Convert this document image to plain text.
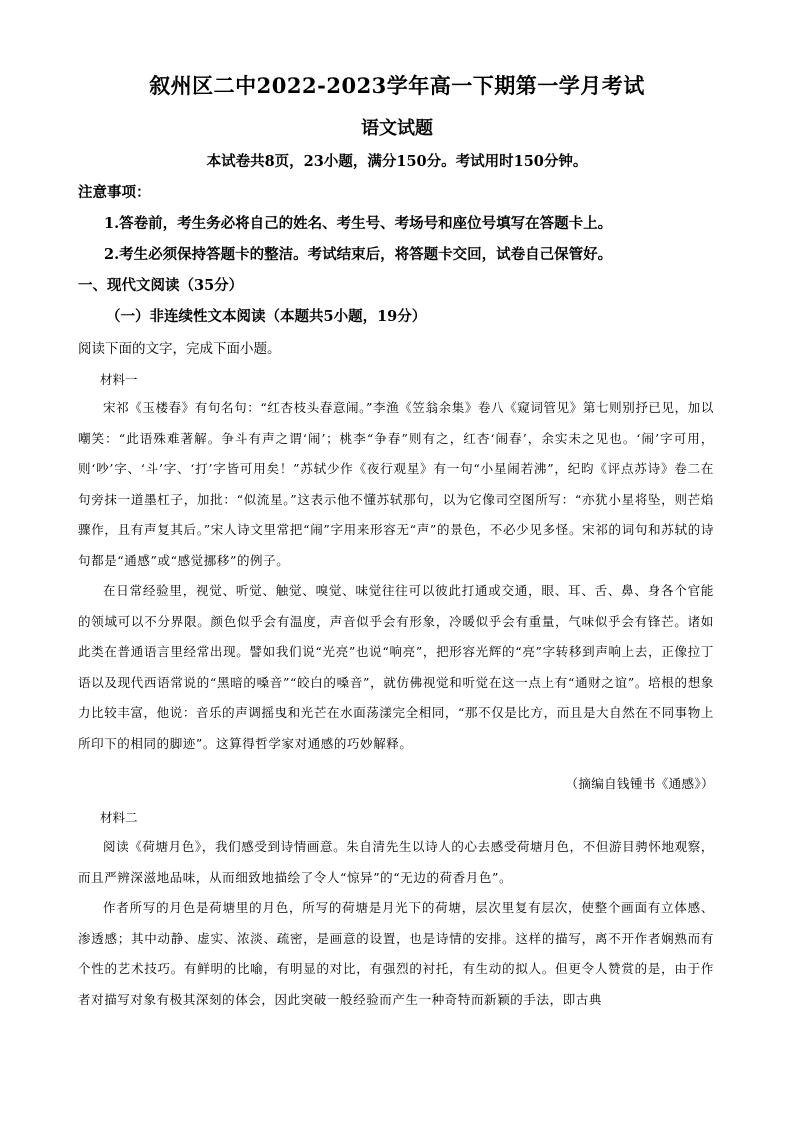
叙州区二中2022-2023学年高一下期第一学月考试
语文试题
本试卷共8页，23小题，满分150分。考试用时150分钟。
注意事项：
1.答卷前，考生务必将自己的姓名、考生号、考场号和座位号填写在答题卡上。
2.考生必须保持答题卡的整洁。考试结束后，将答题卡交回，试卷自己保管好。
一、现代文阅读（35分）
（一）非连续性文本阅读（本题共5小题，19分）
阅读下面的文字，完成下面小题。
材料一

宋祁《玉楼春》有句名句：“红杏枝头春意闹。”李渔《笠翁余集》卷八《窥词管见》第七则别抒已见，加以嘲笑：“此语殊难著解。争斗有声之谓‘闹’；桃李“争春”则有之，红杏‘闹春’，余实未之见也。‘闹’字可用，则‘吵’字、‘斗’字、‘打’字皆可用矣！”苏轼少作《夜行观星》有一句“小星闹若沸”，纪昀《评点苏诗》卷二在句旁抹一道墨杠子，加批：“似流星。”这表示他不懂苏轼那句，以为它像司空图所写：“亦犹小星将坠，则芒焰骤作，且有声复其后。”宋人诗文里常把“闹”字用来形容无“声”的景色，不必少见多怪。宋祁的词句和苏轼的诗句都是“通感”或“感觉挪移”的例子。

在日常经验里，视觉、听觉、触觉、嗅觉、味觉往往可以彼此打通或交通，眼、耳、舌、鼻、身各个官能的领域可以不分界限。颜色似乎会有温度，声音似乎会有形象，冷暖似乎会有重量，气味似乎会有锋芒。诸如此类在普通语言里经常出现。譬如我们说“光亮”也说“响亮”，把形容光辉的“亮”字转移到声响上去，正像拉丁语以及现代西语常说的“黑暗的嗓音”“皎白的嗓音”，就仿佛视觉和听觉在这一点上有“通财之谊”。培根的想象力比较丰富，他说：音乐的声调摇曳和光芒在水面荡漾完全相同，“那不仅是比方，而且是大自然在不同事物上所印下的相同的脚迹”。这算得哲学家对通感的巧妙解释。

（摘编自钱锺书《通感》）
材料二

阅读《荷塘月色》，我们感受到诗情画意。朱自清先生以诗人的心去感受荷塘月色，不但游目骋怀地观察，而且严辨深滋地品味，从而细致地描绘了令人“惊异”的“无边的荷香月色”。

作者所写的月色是荷塘里的月色，所写的荷塘是月光下的荷塘，层次里复有层次，使整个画面有立体感、渗透感；其中动静、虚实、浓淡、疏密，是画意的设置，也是诗情的安排。这样的描写，离不开作者娴熟而有个性的艺术技巧。有鲜明的比喻，有明显的对比，有强烈的衬托，有生动的拟人。但更令人赞赏的是，由于作者对描写对象有极其深刻的体会，因此突破一般经验而产生一种奇特而新颖的手法，即古典
